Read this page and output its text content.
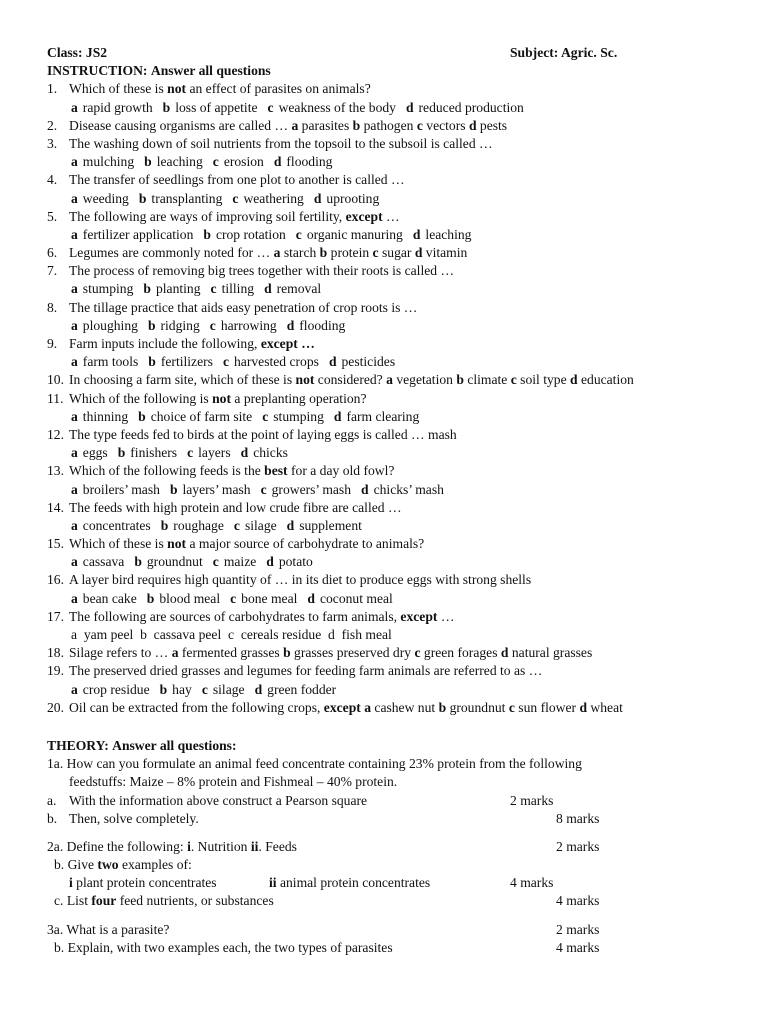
Class: JS2	Subject: Agric. Sc.
INSTRUCTION: Answer all questions
1. Which of these is not an effect of parasites on animals?
a rapid growth b loss of appetite c weakness of the body d reduced production
2. Disease causing organisms are called … a parasites b pathogen c vectors d pests
3. The washing down of soil nutrients from the topsoil to the subsoil is called …
a mulching b leaching c erosion d flooding
4. The transfer of seedlings from one plot to another is called …
a weeding b transplanting c weathering d uprooting
5. The following are ways of improving soil fertility, except …
a fertilizer application b crop rotation c organic manuring d leaching
6. Legumes are commonly noted for … a starch b protein c sugar d vitamin
7. The process of removing big trees together with their roots is called …
a stumping b planting c tilling d removal
8. The tillage practice that aids easy penetration of crop roots is …
a ploughing b ridging c harrowing d flooding
9. Farm inputs include the following, except …
a farm tools b fertilizers c harvested crops d pesticides
10. In choosing a farm site, which of these is not considered? a vegetation b climate c soil type d education
11. Which of the following is not a preplanting operation?
a thinning b choice of farm site c stumping d farm clearing
12. The type feeds fed to birds at the point of laying eggs is called … mash
a eggs b finishers c layers d chicks
13. Which of the following feeds is the best for a day old fowl?
a broilers’ mash b layers’ mash c growers’ mash d chicks’ mash
14. The feeds with high protein and low crude fibre are called …
a concentrates b roughage c silage d supplement
15. Which of these is not a major source of carbohydrate to animals?
a cassava b groundnut c maize d potato
16. A layer bird requires high quantity of … in its diet to produce eggs with strong shells
a bean cake b blood meal c bone meal d coconut meal
17. The following are sources of carbohydrates to farm animals, except …
a  yam peel  b  cassava peel  c  cereals residue  d  fish meal
18. Silage refers to … a fermented grasses b grasses preserved dry c green forages d natural grasses
19. The preserved dried grasses and legumes for feeding farm animals are referred to as …
a crop residue b hay c silage d green fodder
20. Oil can be extracted from the following crops, except a cashew nut b groundnut c sun flower d wheat
THEORY: Answer all questions:
1a. How can you formulate an animal feed concentrate containing 23% protein from the following
feedstuffs: Maize – 8% protein and Fishmeal – 40% protein.
a. With the information above construct a Pearson square	2 marks
b. Then, solve completely.	8 marks
2a. Define the following: i. Nutrition ii. Feeds	2 marks
b. Give two examples of:
i plant protein concentrates	ii animal protein concentrates	4 marks
c. List four feed nutrients, or substances	4 marks
3a. What is a parasite?	2 marks
b. Explain, with two examples each, the two types of parasites	4 marks
